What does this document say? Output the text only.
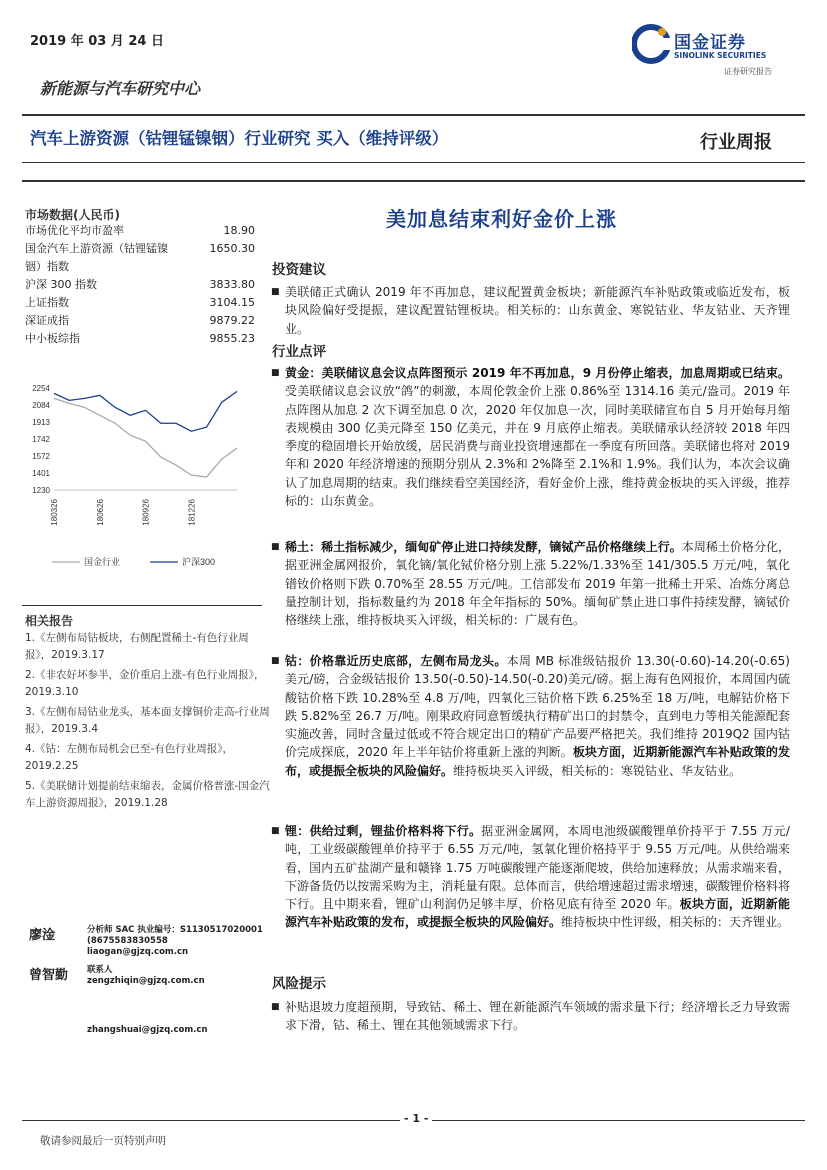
2019 年 03 月 24 日	国金证券
SINOLINK SECURITIES
证券研究报告
新能源与汽车研究中心
汽车上游资源（钴锂锰镍铟）行业研究 买入（维持评级）	行业周报
市场数据(人民币)
市场优化平均市盈率	18.90
国金汽车上游资源（钴锂锰镍铟）指数
1650.30
沪深 300 指数	3833.80
上证指数	3104.15
深证成指	9879.22
中小板综指	9855.23
2254
2084
1913
1742
1572
1401
1230
180326	180626	180926	181226
国金行业	沪深300
相关报告
1.《左侧布局钴板块，右侧配置稀土-有色行业周报》，2019.3.17
2.《非农好坏参半，金价重启上涨-有色行业周报》，2019.3.10
3.《左侧布局钴业龙头，基本面支撑铜价走高-行业周报》，2019.3.4
4.《钴：左侧布局机会已至-有色行业周报》，2019.2.25
5.《美联储计划提前结束缩表，金属价格普涨-国金汽车上游资源周报》，2019.1.28
廖淦	分析师 SAC 执业编号：S1130517020001
(8675583830558
liaogan@gjzq.com.cn
曾智勤 联系人
zengzhiqin@gjzq.com.cn
zhangshuai@gjzq.com.cn
美加息结束利好金价上涨
投资建议
■ 美联储正式确认 2019 年不再加息，建议配置黄金板块；新能源汽车补贴政策或临近发布，板块风险偏好受提振，建议配置钴锂板块。相关标的：山东黄金、寒锐钴业、华友钴业、天齐锂业。
行业点评
■ 黄金：美联储议息会议点阵图预示 2019 年不再加息，9 月份停止缩表，加息周期或已结束。受美联储议息会议放“鸽”的刺激，本周伦敦金价上涨 0.86%至 1314.16 美元/盎司。2019 年点阵图从加息 2 次下调至加息 0 次，2020 年仅加息一次，同时美联储宣布自 5 月开始每月缩表规模由 300 亿美元降至 150 亿美元，并在 9 月底停止缩表。美联储承认经济较 2018 年四季度的稳固增长开始放缓，居民消费与商业投资增速都在一季度有所回落。美联储也将对 2019 年和 2020 年经济增速的预期分别从 2.3%和 2%降至 2.1%和 1.9%。我们认为，本次会议确认了加息周期的结束。我们继续看空美国经济，看好金价上涨，维持黄金板块的买入评级，推荐标的：山东黄金。
■ 稀土：稀土指标减少，缅甸矿停止进口持续发酵，镝铽产品价格继续上行。本周稀土价格分化，据亚洲金属网报价，氧化镝/氧化铽价格分别上涨 5.22%/1.33%至 141/305.5 万元/吨，氧化镨钕价格则下跌 0.70%至 28.55 万元/吨。工信部发布 2019 年第一批稀土开采、冶炼分离总量控制计划，指标数量约为 2018 年全年指标的 50%。缅甸矿禁止进口事件持续发酵，镝铽价格继续上涨，维持板块买入评级，相关标的：广晟有色。
■ 钴：价格靠近历史底部，左侧布局龙头。本周 MB 标准级钴报价 13.30(-0.60)-14.20(-0.65)美元/磅，合金级钴报价 13.50(-0.50)-14.50(-0.20)美元/磅。据上海有色网报价，本周国内硫酸钴价格下跌 10.28%至 4.8 万/吨，四氧化三钴价格下跌 6.25%至 18 万/吨，电解钴价格下跌 5.82%至 26.7 万/吨。刚果政府同意暂缓执行精矿出口的封禁令，直到电力等相关能源配套实施改善，同时含量过低或不符合规定出口的精矿产品要严格把关。我们维持 2019Q2 国内钴价完成探底，2020 年上半年钴价将重新上涨的判断。板块方面，近期新能源汽车补贴政策的发布，或提振全板块的风险偏好。维持板块买入评级，相关标的：寒锐钴业、华友钴业。
■ 锂：供给过剩，锂盐价格料将下行。据亚洲金属网，本周电池级碳酸锂单价持平于 7.55 万元/吨，工业级碳酸锂单价持平于 6.55 万元/吨，氢氧化锂价格持平于 9.55 万元/吨。从供给端来看，国内五矿盐湖产量和赣锋 1.75 万吨碳酸锂产能逐渐爬坡，供给加速释放；从需求端来看，下游备货仍以按需采购为主，消耗量有限。总体而言，供给增速超过需求增速，碳酸锂价格料将下行。且中期来看，锂矿山利润仍足够丰厚，价格见底有待至 2020 年。板块方面，近期新能源汽车补贴政策的发布，或提振全板块的风险偏好。维持板块中性评级，相关标的：天齐锂业。
风险提示
■ 补贴退坡力度超预期，导致钴、稀土、锂在新能源汽车领域的需求量下行；经济增长乏力导致需求下滑，钴、稀土、锂在其他领域需求下行。
- 1 -
敬请参阅最后一页特别声明
